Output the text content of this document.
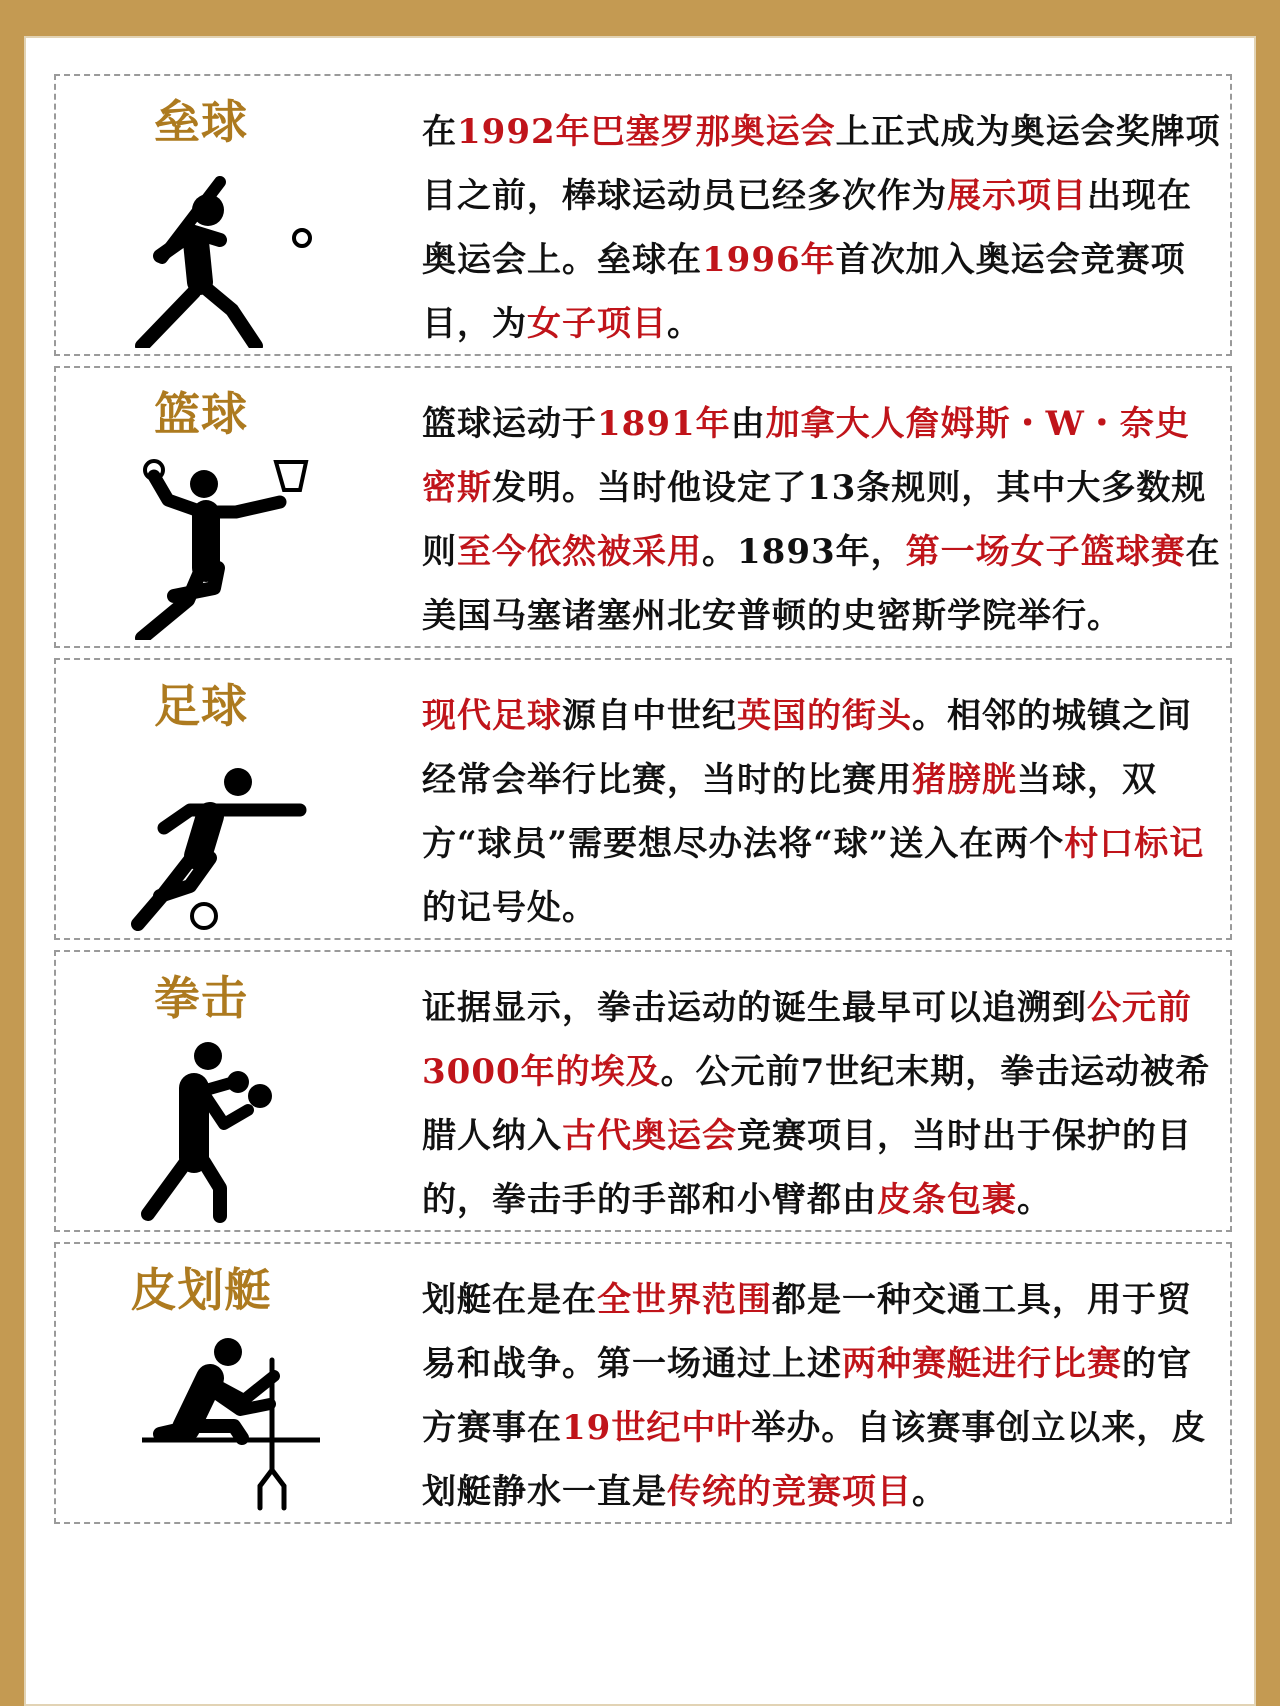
垒球	在1992年巴塞罗那奥运会上正式成为奥运会奖牌项目之前，棒球运动员已经多次作为展示项目出现在奥运会上。垒球在1996年首次加入奥运会竞赛项目，为女子项目。
篮球	篮球运动于1891年由加拿大人詹姆斯・W・奈史密斯发明。当时他设定了13条规则，其中大多数规则至今依然被采用。1893年，第一场女子篮球赛在美国马塞诸塞州北安普顿的史密斯学院举行。
足球	现代足球源自中世纪英国的街头。相邻的城镇之间经常会举行比赛，当时的比赛用猪膀胱当球，双方“球员”需要想尽办法将“球”送入在两个村口标记的记号处。
拳击	证据显示，拳击运动的诞生最早可以追溯到公元前3000年的埃及。公元前7世纪末期，拳击运动被希腊人纳入古代奥运会竞赛项目，当时出于保护的目的，拳击手的手部和小臂都由皮条包裹。
皮划艇	划艇在是在全世界范围都是一种交通工具，用于贸易和战争。第一场通过上述两种赛艇进行比赛的官方赛事在19世纪中叶举办。自该赛事创立以来，皮划艇静水一直是传统的竞赛项目。
